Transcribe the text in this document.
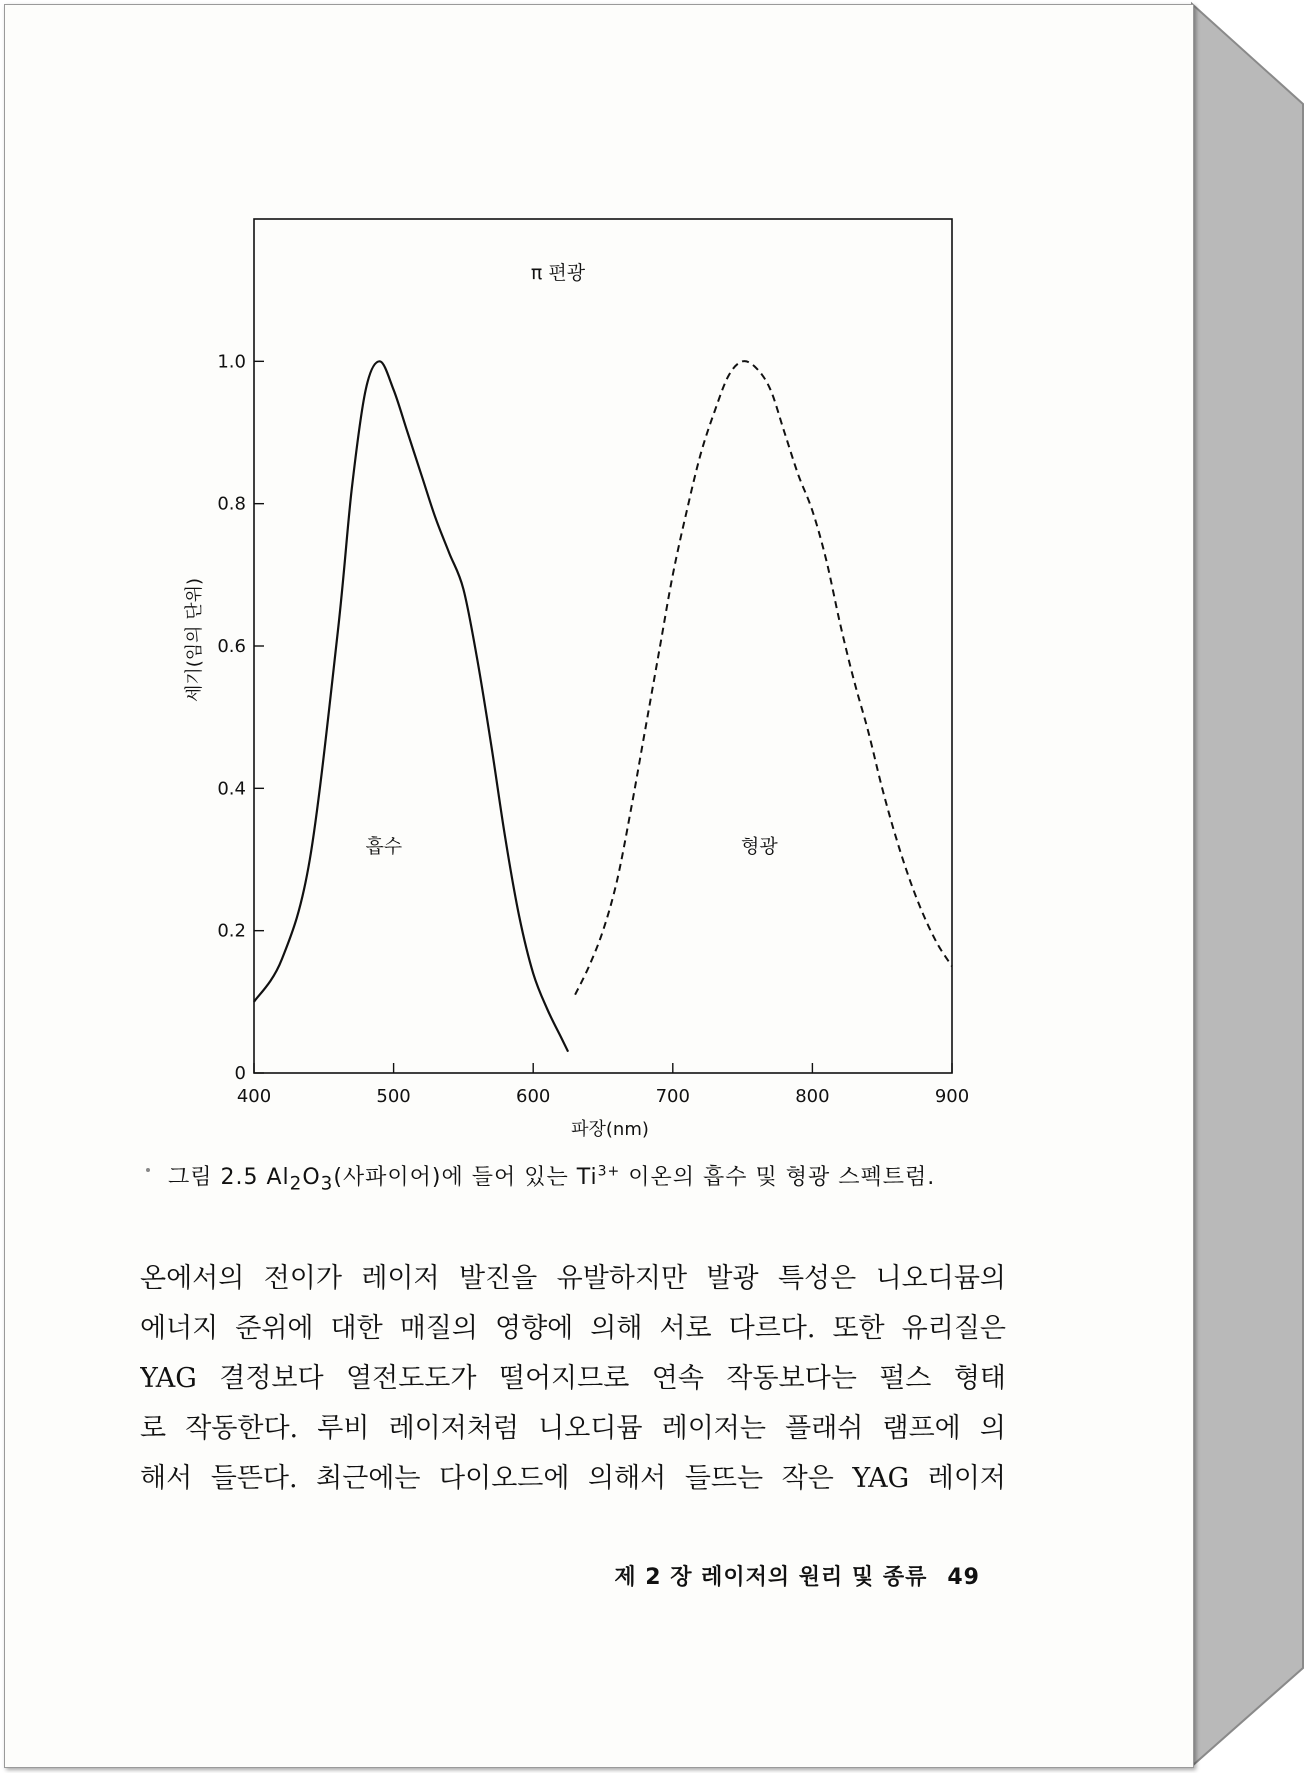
400	500	600	700	800	900
0
0.2
0.4
0.6
0.8
1.0
π 편광
흡수	형광
파장(nm)
세기(임의 단위)
그림 2.5 $Al_2O_3$(사파이어)에 들어 있는 $Ti^{3+}$ 이온의 흡수 및 형광 스펙트럼.
온에서의 전이가 레이저 발진을 유발하지만 발광 특성은 니오디뮴의
에너지 준위에 대한 매질의 영향에 의해 서로 다르다. 또한 유리질은
YAG 결정보다 열전도도가 떨어지므로 연속 작동보다는 펄스 형태
로 작동한다. 루비 레이저처럼 니오디뮴 레이저는 플래쉬 램프에 의
해서 들뜬다. 최근에는 다이오드에 의해서 들뜨는 작은 YAG 레이저
제 2 장 레이저의 원리 및 종류 49
